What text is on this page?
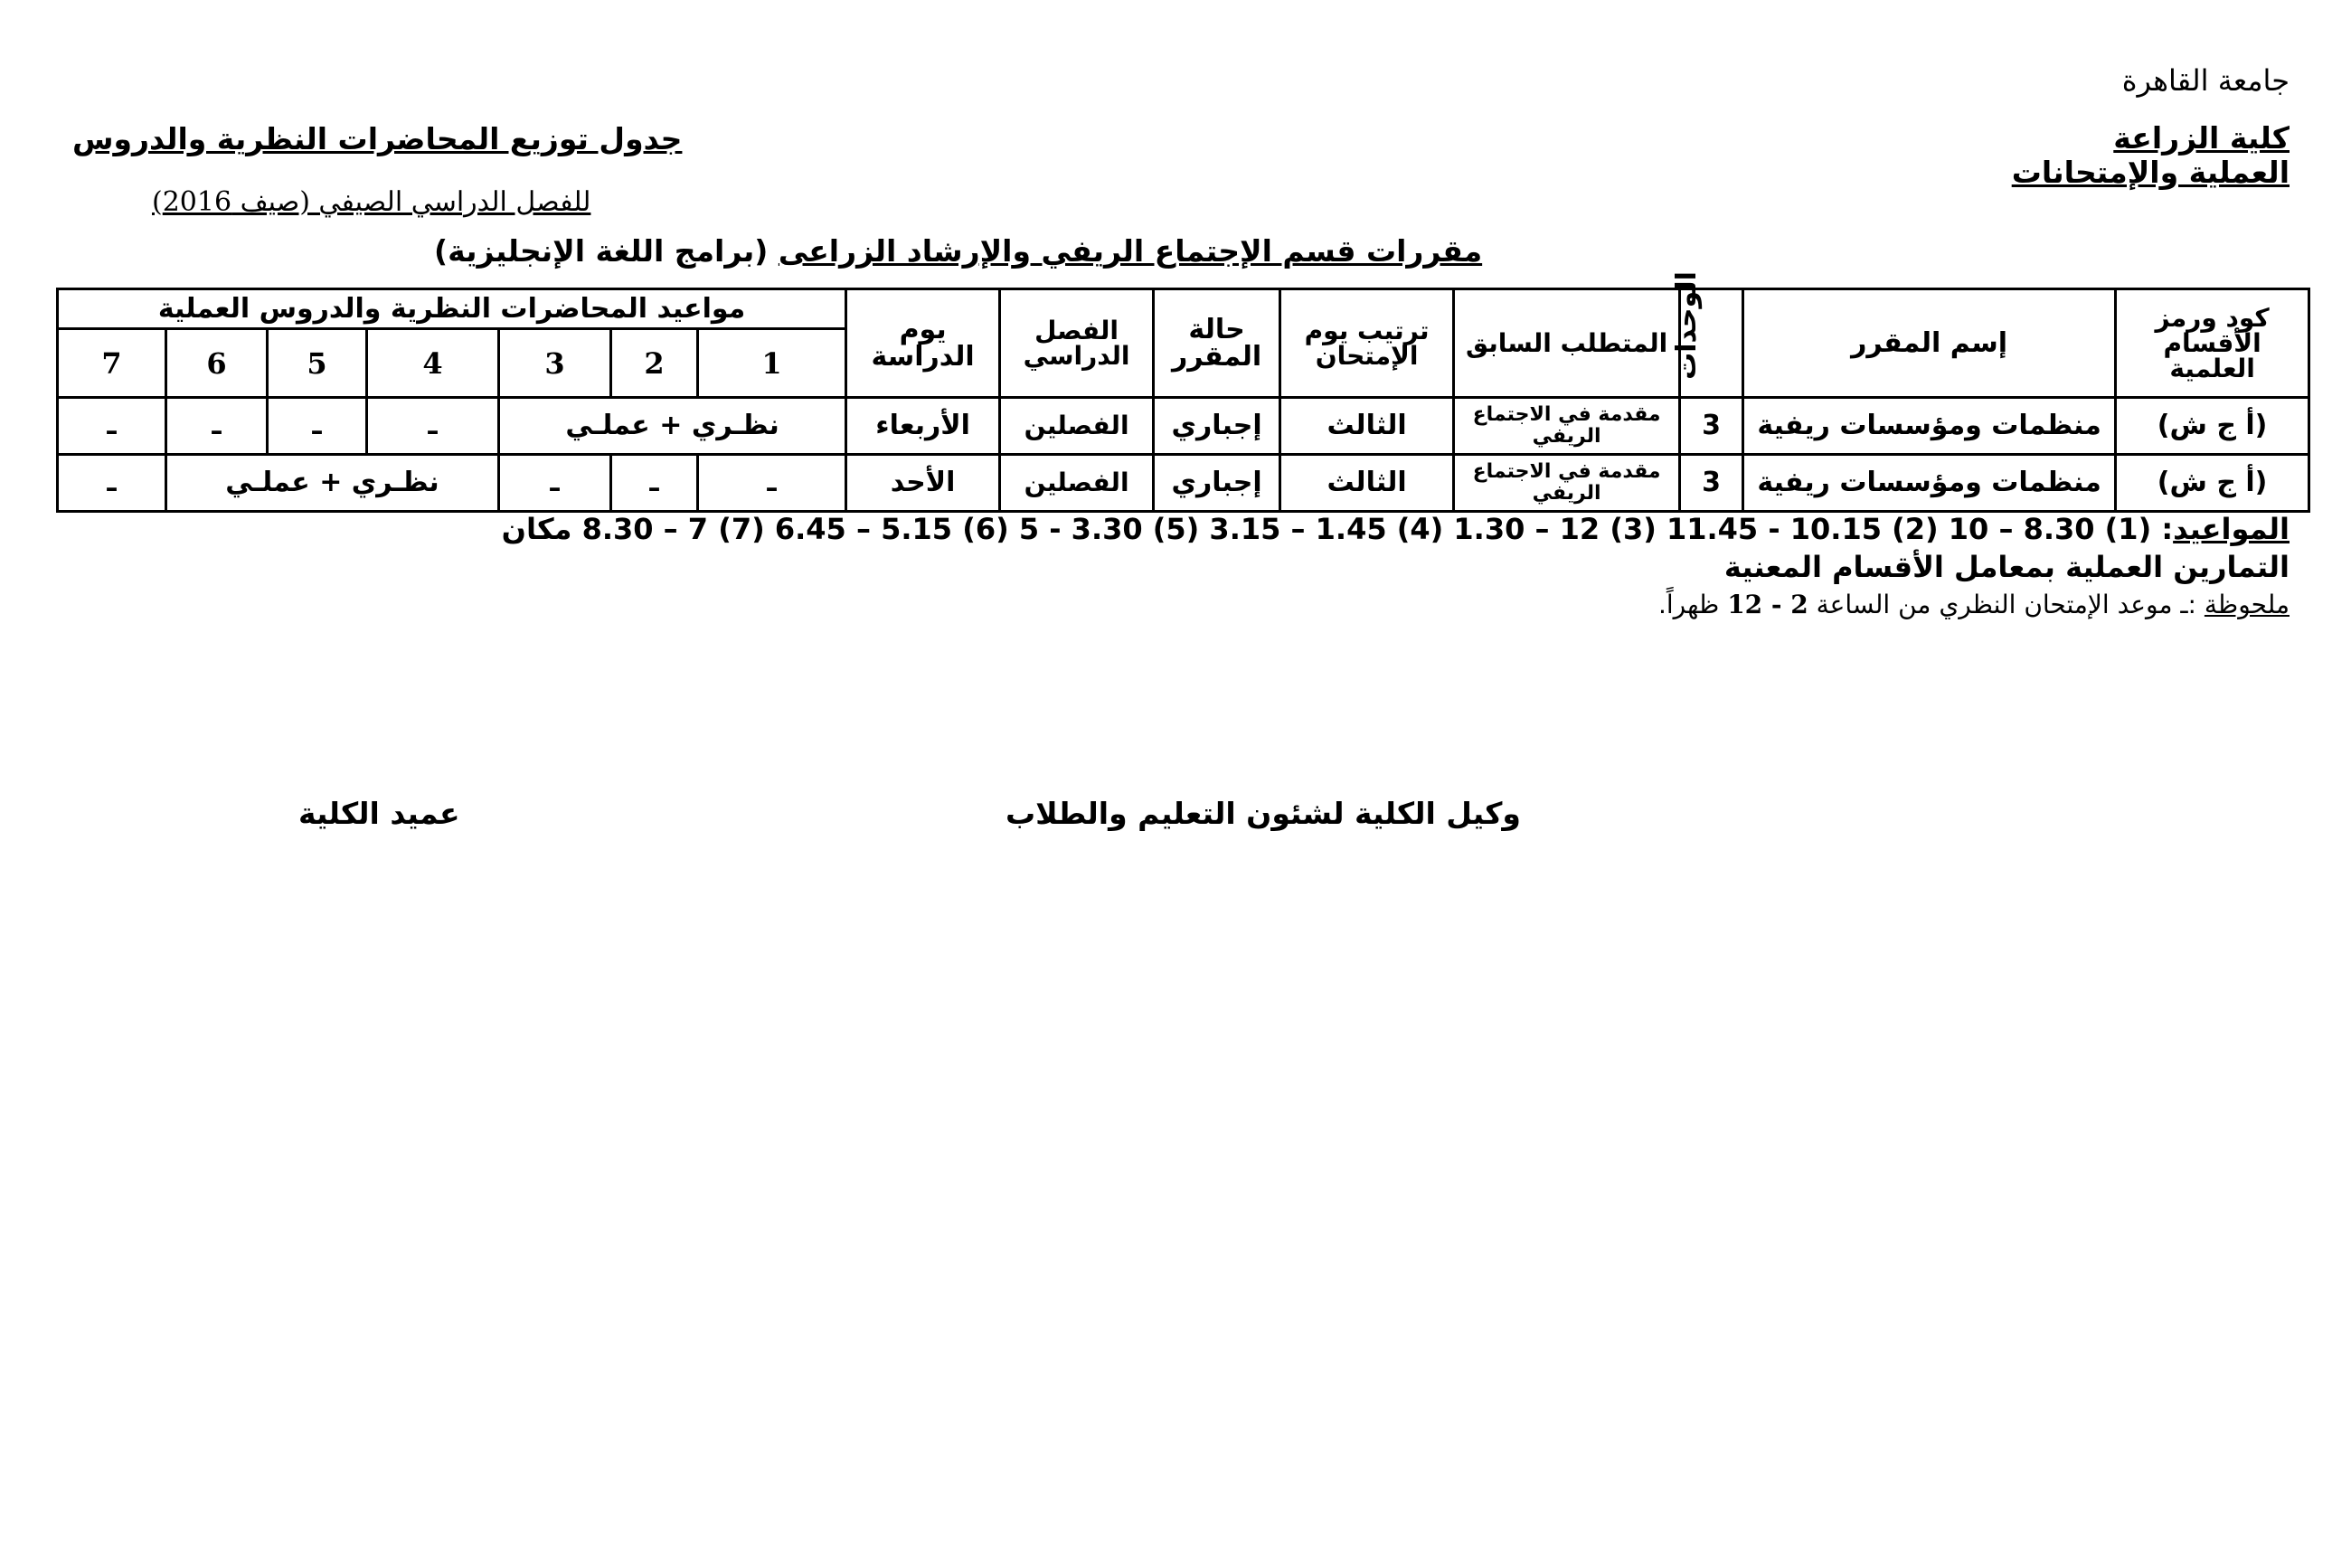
جامعة القاهرة
كلية الزراعة
العملية والإمتحانات
جدول توزيع المحاضرات النظرية والدروس
للفصل الدراسي الصيفي (صيف 2016)
مقررات قسم الإجتماع الريفي والإرشاد الزراعى (برامج اللغة الإنجليزية)
مواعيد المحاضرات النظرية والدروس العملية							يوم الدراسة	الفصل الدراسي	حالة المقرر	ترتيب يوم الإمتحان	المتطلب السابق	الوحدات	إسم المقرر	كود ورمز الأقسام العلمية
7	6	5	4	3	2	1								
ـ	ـ	ـ	ـ	نظـري + عملـي			الأربعاء	الفصلين	إجباري	الثالث	مقدمة في الاجتماع الريفي	3	منظمات ومؤسسات ريفية	(أ ج ش)
ـ	نظـري + عملـي			ـ	ـ	ـ	الأحد	الفصلين	إجباري	الثالث	مقدمة في الاجتماع الريفي	3	منظمات ومؤسسات ريفية	(أ ج ش)
المواعيد: (1) 8.30 – 10 (2) 10.15 - 11.45 (3) 12 – 1.30 (4) 1.45 – 3.15 (5) 3.30 - 5 (6) 5.15 – 6.45 (7) 7 – 8.30 مكان
التمارين العملية بمعامل الأقسام المعنية
ملحوظة :ـ موعد الإمتحان النظري من الساعة 12 - 2 ظهراً.
وكيل الكلية لشئون التعليم والطلاب
عميد الكلية
